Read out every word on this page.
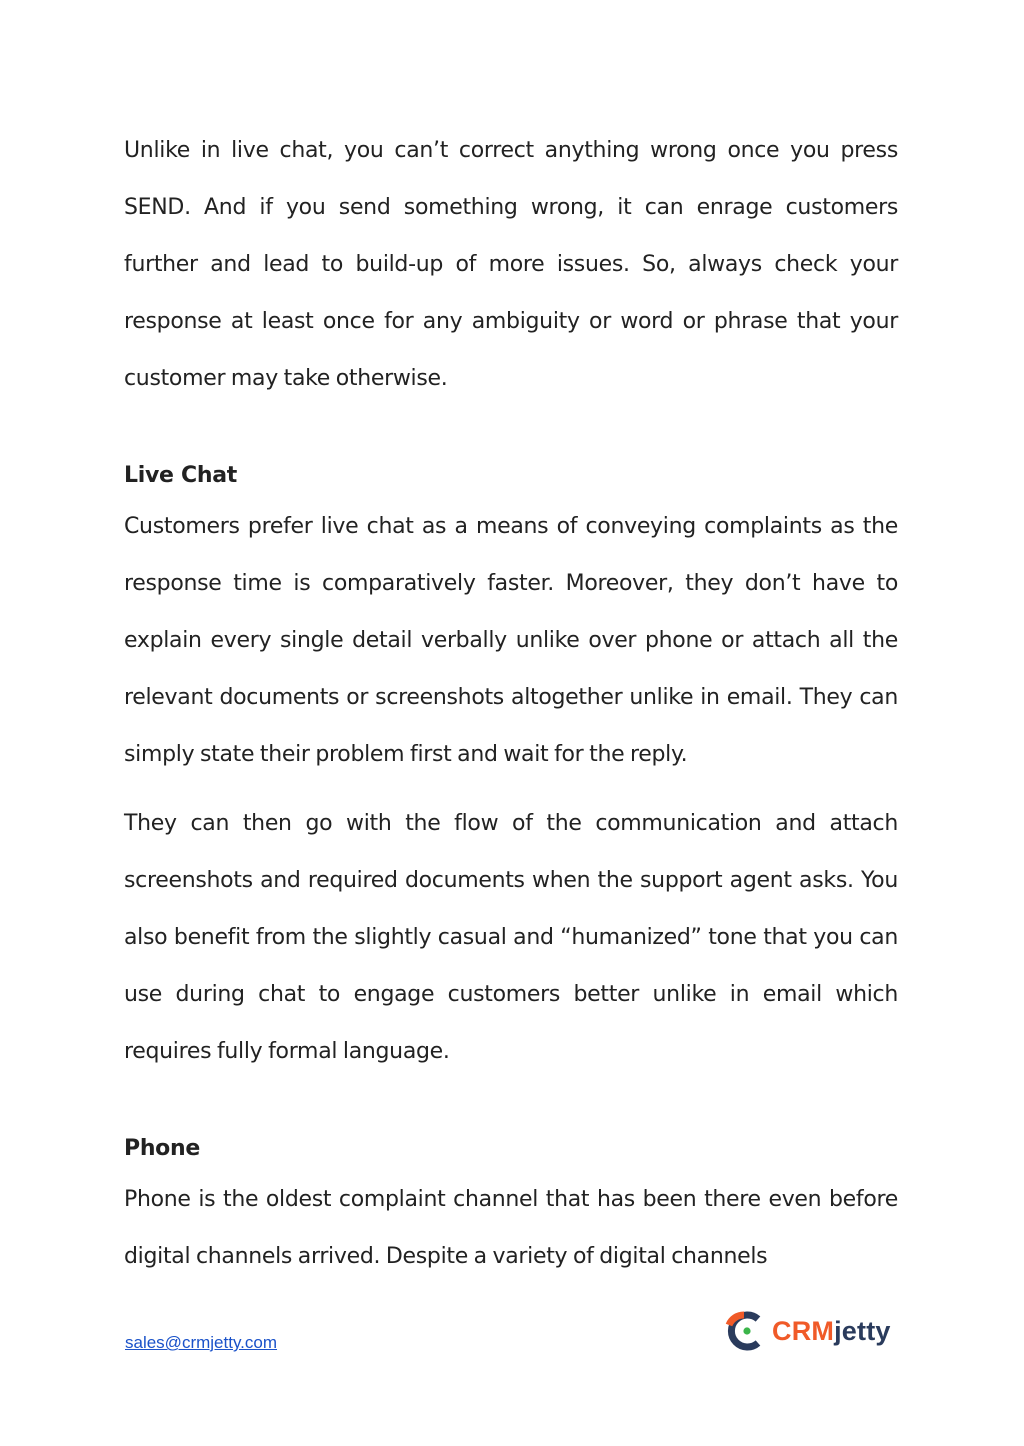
Unlike in live chat, you can’t correct anything wrong once you press SEND. And if you send something wrong, it can enrage customers further and lead to build-up of more issues. So, always check your response at least once for any ambiguity or word or phrase that your customer may take otherwise.

Live Chat

Customers prefer live chat as a means of conveying complaints as the response time is comparatively faster. Moreover, they don’t have to explain every single detail verbally unlike over phone or attach all the relevant documents or screenshots altogether unlike in email. They can simply state their problem first and wait for the reply.

They can then go with the flow of the communication and attach screenshots and required documents when the support agent asks. You also benefit from the slightly casual and “humanized” tone that you can use during chat to engage customers better unlike in email which requires fully formal language.

Phone

Phone is the oldest complaint channel that has been there even before digital channels arrived. Despite a variety of digital channels

sales@crmjetty.com	CRMjetty
